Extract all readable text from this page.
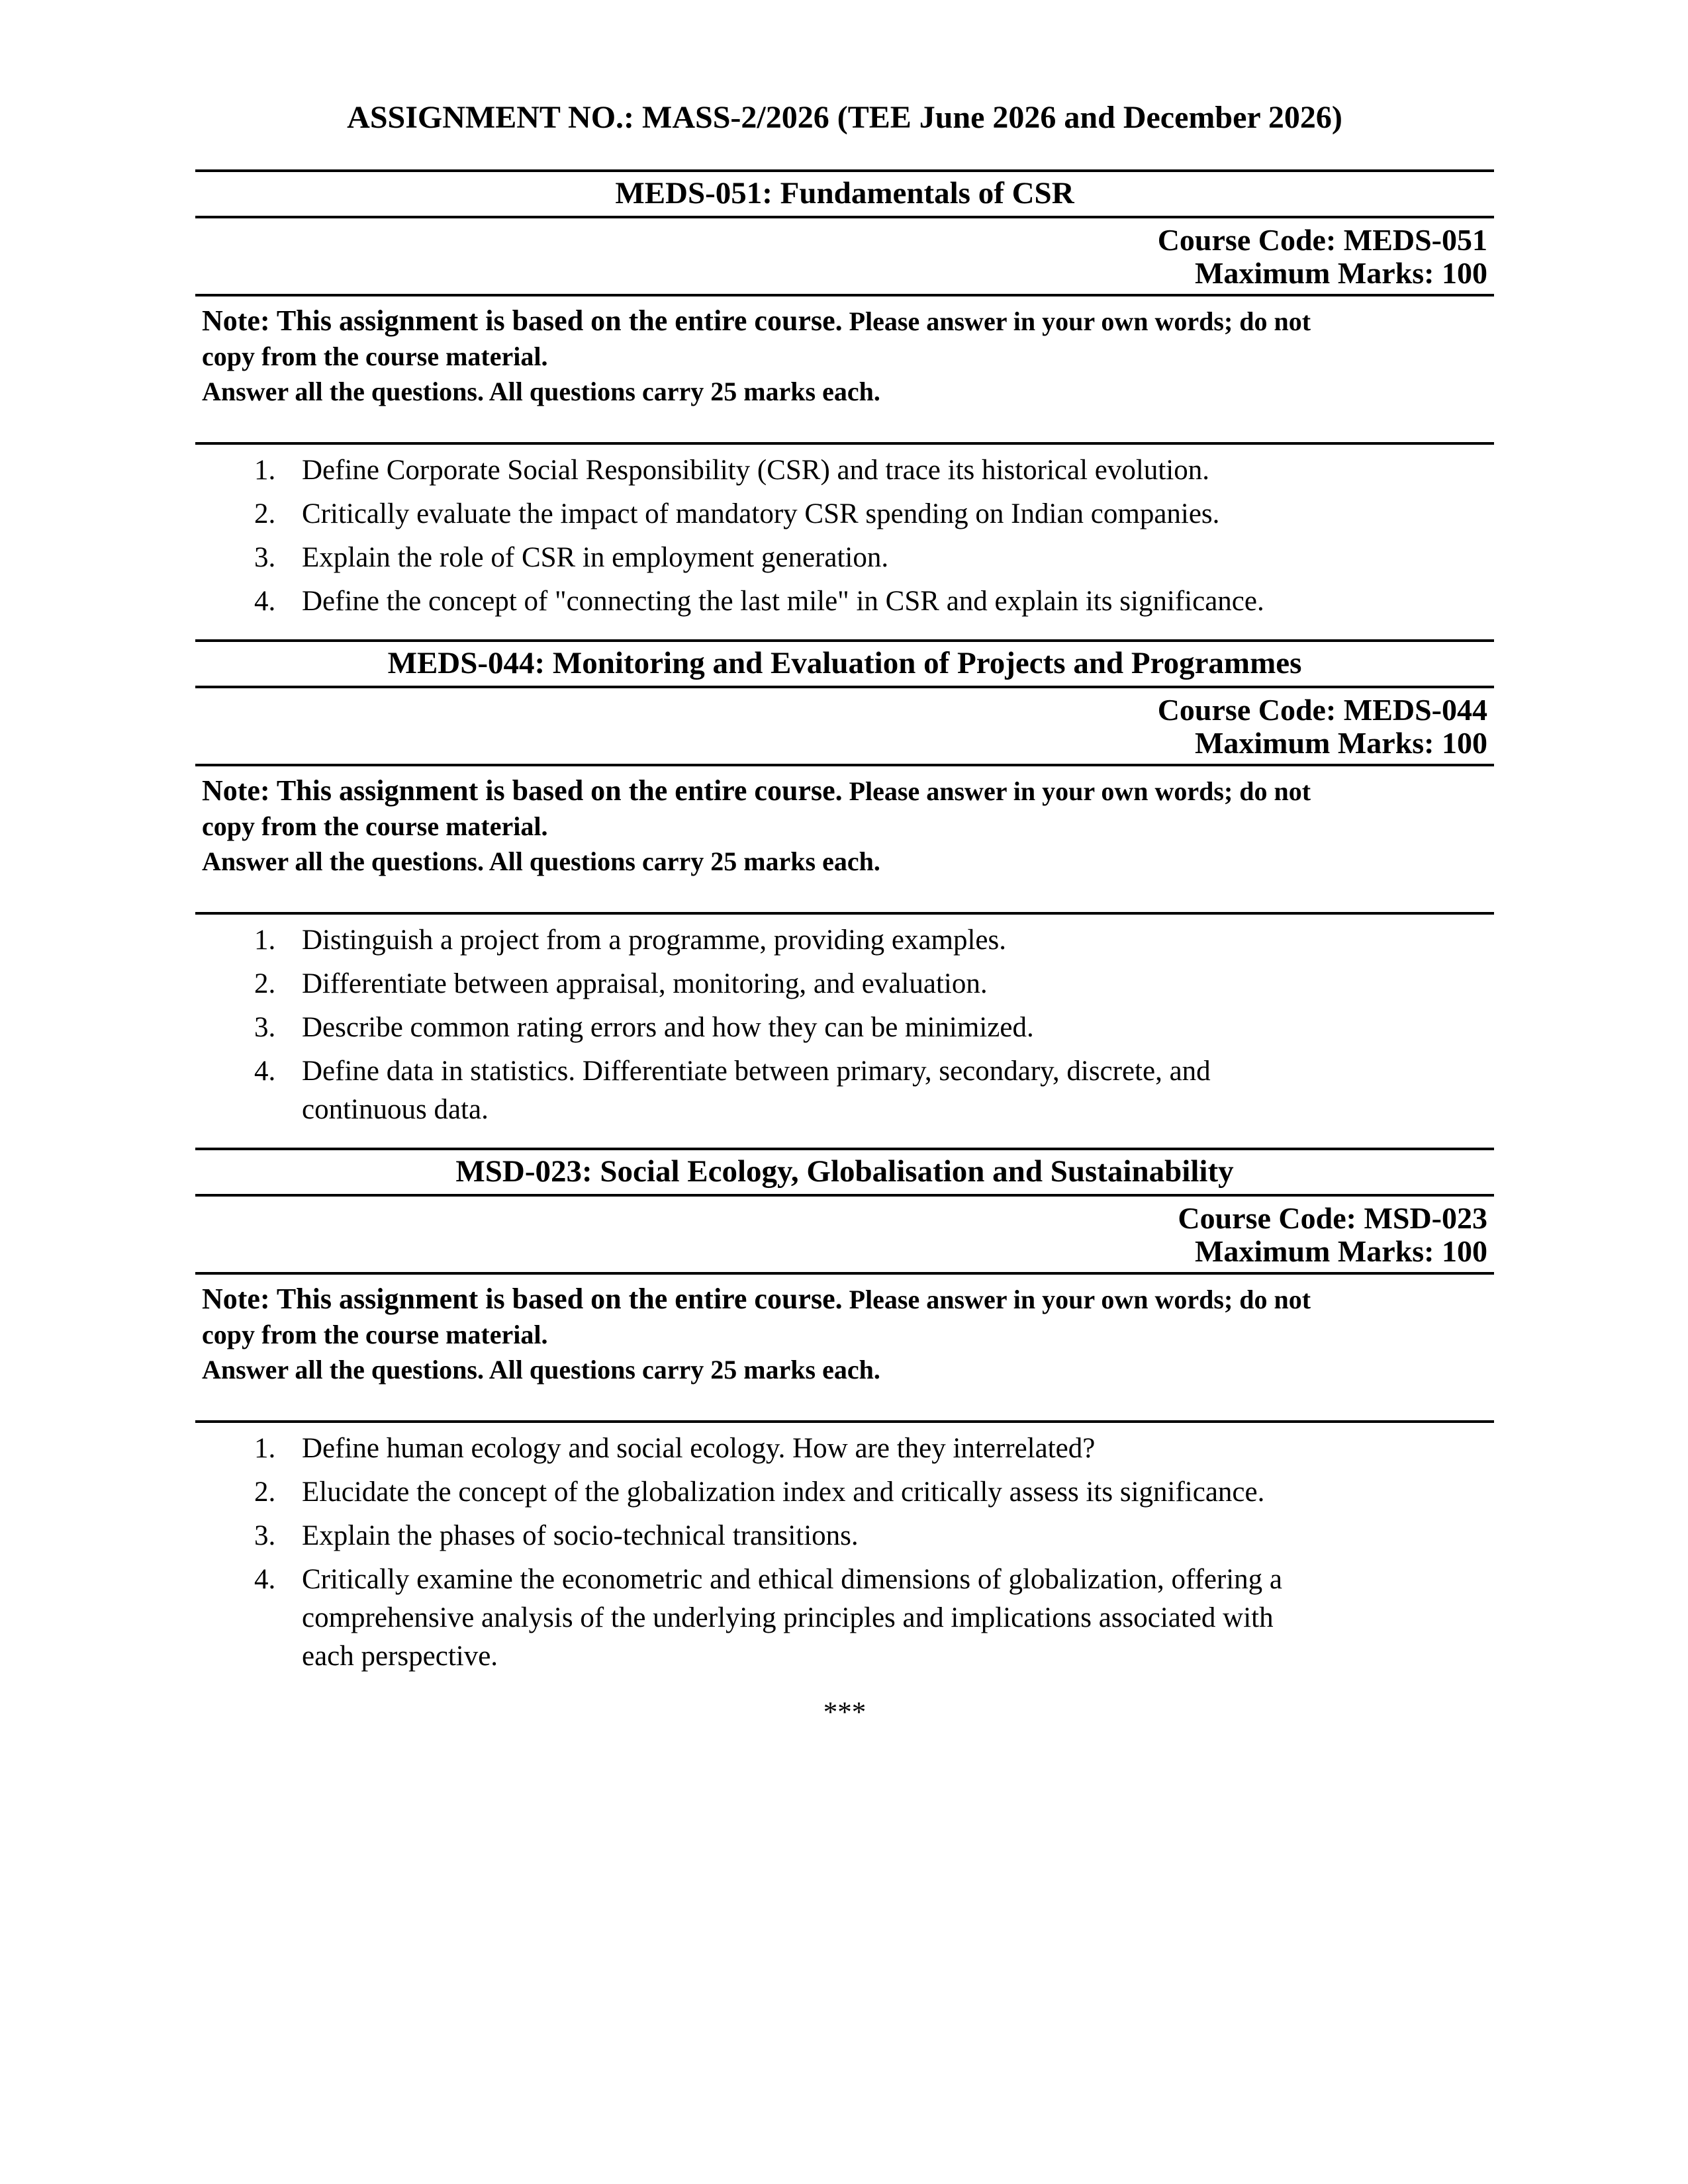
ASSIGNMENT NO.: MASS-2/2026 (TEE June 2026 and December 2026)
MEDS-051: Fundamentals of CSR
Course Code: MEDS-051
Maximum Marks: 100

Note: This assignment is based on the entire course. Please answer in your own words; do not
copy from the course material.

Answer all the questions. All questions carry 25 marks each.

1. Define Corporate Social Responsibility (CSR) and trace its historical evolution.
2. Critically evaluate the impact of mandatory CSR spending on Indian companies.
3. Explain the role of CSR in employment generation.
4. Define the concept of "connecting the last mile" in CSR and explain its significance.
MEDS-044: Monitoring and Evaluation of Projects and Programmes
Course Code: MEDS-044
Maximum Marks: 100

Note: This assignment is based on the entire course. Please answer in your own words; do not
copy from the course material.

Answer all the questions. All questions carry 25 marks each.

1. Distinguish a project from a programme, providing examples.
2. Differentiate between appraisal, monitoring, and evaluation.
3. Describe common rating errors and how they can be minimized.
4. Define data in statistics. Differentiate between primary, secondary, discrete, and
continuous data.
MSD-023: Social Ecology, Globalisation and Sustainability
Course Code: MSD-023
Maximum Marks: 100

Note: This assignment is based on the entire course. Please answer in your own words; do not
copy from the course material.

Answer all the questions. All questions carry 25 marks each.

1. Define human ecology and social ecology. How are they interrelated?
2. Elucidate the concept of the globalization index and critically assess its significance.
3. Explain the phases of socio-technical transitions.
4. Critically examine the econometric and ethical dimensions of globalization, offering a
comprehensive analysis of the underlying principles and implications associated with
each perspective.

***
